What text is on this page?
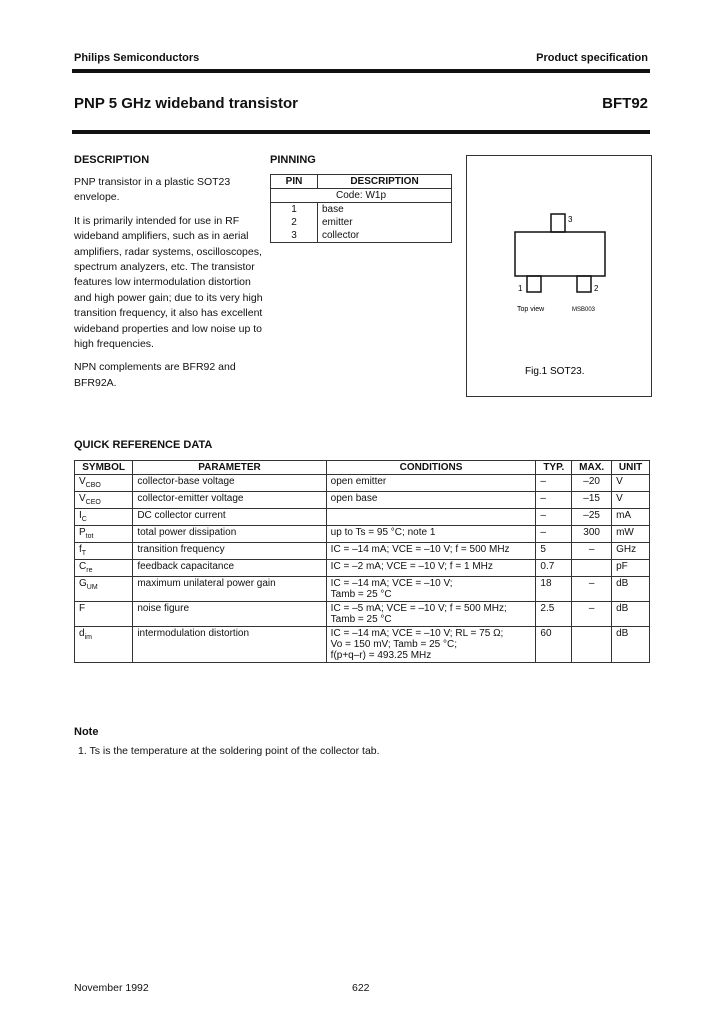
Philips Semiconductors	Product specification
PNP 5 GHz wideband transistor	BFT92
DESCRIPTION

PNP transistor in a plastic SOT23 envelope.

It is primarily intended for use in RF wideband amplifiers, such as in aerial amplifiers, radar systems, oscilloscopes, spectrum analyzers, etc. The transistor features low intermodulation distortion and high power gain; due to its very high transition frequency, it also has excellent wideband properties and low noise up to high frequencies.

NPN complements are BFR92 and BFR92A.

PINNING
PIN	DESCRIPTION
Code: W1p	
1	base
2	emitter
3	collector
3
1	2
Top view	MSB003
Fig.1 SOT23.
QUICK REFERENCE DATA
SYMBOL	PARAMETER	CONDITIONS	TYP.	MAX.	UNIT
$V_{CBO}$	collector-base voltage	open emitter	–	–20	V
$V_{CEO}$	collector-emitter voltage	open base	–	–15	V
$I_C$	DC collector current		–	–25	mA
$P_{tot}$	total power dissipation	up to Ts = 95 °C; note 1	–	300	mW
$f_T$	transition frequency	IC = –14 mA; VCE = –10 V; f = 500 MHz	5	–	GHz
$C_{re}$	feedback capacitance	IC = –2 mA; VCE = –10 V; f = 1 MHz	0.7		pF
$G_{UM}$	maximum unilateral power gain	IC = –14 mA; VCE = –10 V;
Tamb = 25 °C	18	–	dB
F	noise figure	IC = –5 mA; VCE = –10 V; f = 500 MHz;
Tamb = 25 °C	2.5	–	dB
$d_{im}$	intermodulation distortion	IC = –14 mA; VCE = –10 V; RL = 75 Ω;
Vo = 150 mV; Tamb = 25 °C;
f(p+q–r) = 493.25 MHz	60		dB
Note
1. Ts is the temperature at the soldering point of the collector tab.
November 1992	622
